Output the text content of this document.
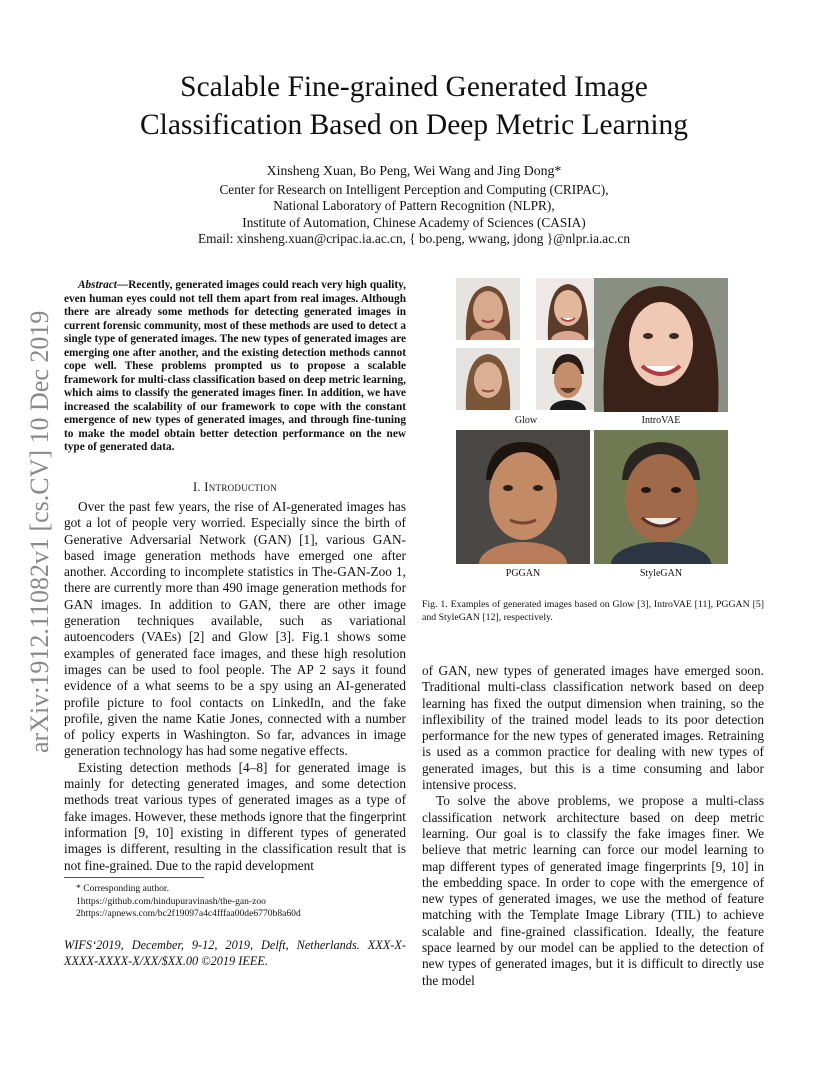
Scalable Fine-grained Generated Image
Classification Based on Deep Metric Learning
Xinsheng Xuan, Bo Peng, Wei Wang and Jing Dong*
Center for Research on Intelligent Perception and Computing (CRIPAC),
National Laboratory of Pattern Recognition (NLPR),
Institute of Automation, Chinese Academy of Sciences (CASIA)
Email: xinsheng.xuan@cripac.ia.ac.cn, { bo.peng, wwang, jdong }@nlpr.ia.ac.cn
arXiv:1912.11082v1 [cs.CV] 10 Dec 2019
Abstract—Recently, generated images could reach very high quality, even human eyes could not tell them apart from real images. Although there are already some methods for detecting generated images in current forensic community, most of these methods are used to detect a single type of generated images. The new types of generated images are emerging one after another, and the existing detection methods cannot cope well. These problems prompted us to propose a scalable framework for multi-class classification based on deep metric learning, which aims to classify the generated images finer. In addition, we have increased the scalability of our framework to cope with the constant emergence of new types of generated images, and through fine-tuning to make the model obtain better detection performance on the new type of generated data.
I. Introduction

Over the past few years, the rise of AI-generated images has got a lot of people very worried. Especially since the birth of Generative Adversarial Network (GAN) [1], various GAN-based image generation methods have emerged one after another. According to incomplete statistics in The-GAN-Zoo 1, there are currently more than 490 image generation methods for GAN images. In addition to GAN, there are other image generation techniques available, such as variational autoencoders (VAEs) [2] and Glow [3]. Fig.1 shows some examples of generated face images, and these high resolution images can be used to fool people. The AP 2 says it found evidence of a what seems to be a spy using an AI-generated profile picture to fool contacts on LinkedIn, and the fake profile, given the name Katie Jones, connected with a number of policy experts in Washington. So far, advances in image generation technology has had some negative effects.

Existing detection methods [4–8] for generated image is mainly for detecting generated images, and some detection methods treat various types of generated images as a type of fake images. However, these methods ignore that the fingerprint information [9, 10] existing in different types of generated images is different, resulting in the classification result that is not fine-grained. Due to the rapid development

* Corresponding author.
1https://github.com/hindupuravinash/the-gan-zoo
2https://apnews.com/bc2f19097a4c4fffaa00de6770b8a60d
WIFS‘2019, December, 9-12, 2019, Delft, Netherlands. XXX-X-XXXX-XXXX-X/XX/$XX.00 ©2019 IEEE.
Glow	IntroVAE
PGGAN	StyleGAN
Fig. 1. Examples of generated images based on Glow [3], IntroVAE [11], PGGAN [5] and StyleGAN [12], respectively.

of GAN, new types of generated images have emerged soon. Traditional multi-class classification network based on deep learning has fixed the output dimension when training, so the inflexibility of the trained model leads to its poor detection performance for the new types of generated images. Retraining is used as a common practice for dealing with new types of generated images, but this is a time consuming and labor intensive process.

To solve the above problems, we propose a multi-class classification network architecture based on deep metric learning. Our goal is to classify the fake images finer. We believe that metric learning can force our model learning to map different types of generated image fingerprints [9, 10] in the embedding space. In order to cope with the emergence of new types of generated images, we use the method of feature matching with the Template Image Library (TIL) to achieve scalable and fine-grained classification. Ideally, the feature space learned by our model can be applied to the detection of new types of generated images, but it is difficult to directly use the model
